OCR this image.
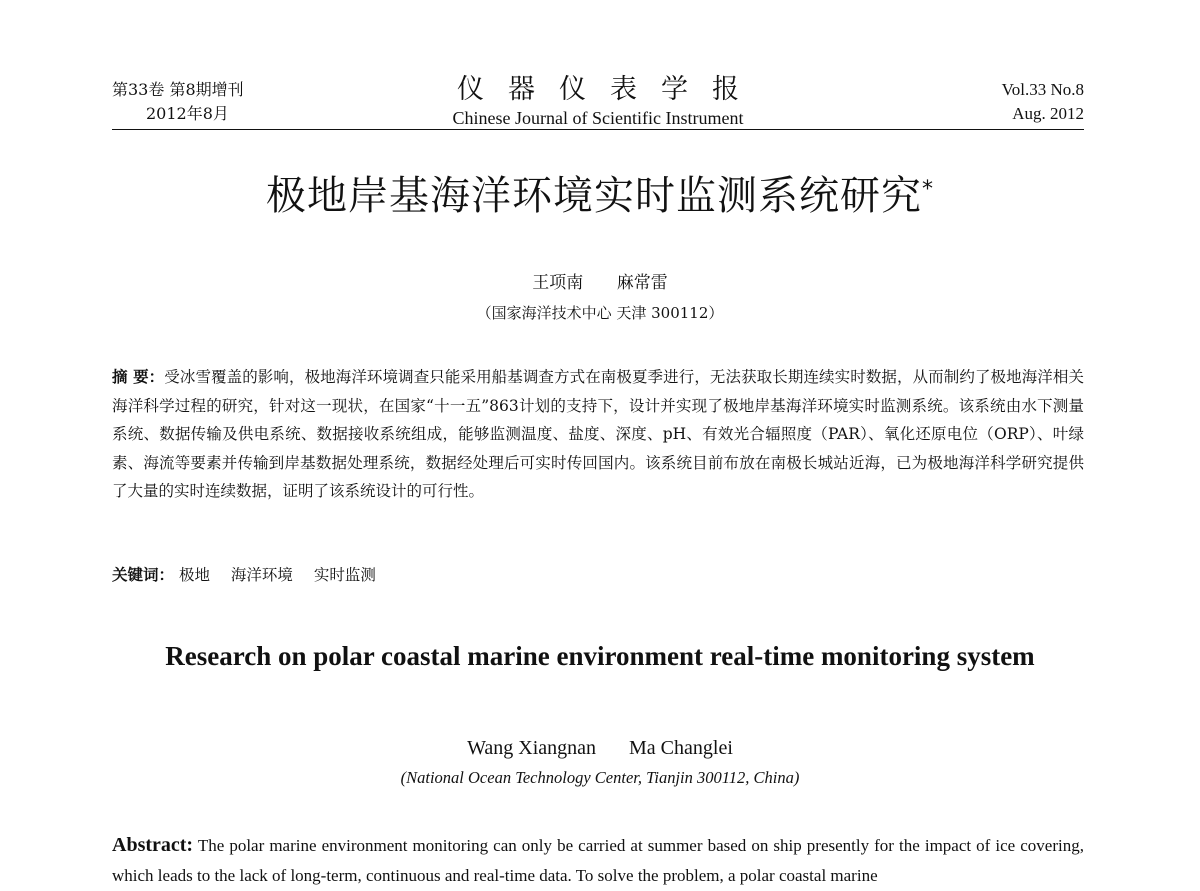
第33卷 第8期增刊
2012年8月
仪器仪表学报
Chinese Journal of Scientific Instrument
Vol.33 No.8
Aug. 2012
极地岸基海洋环境实时监测系统研究*
王项南 麻常雷
（国家海洋技术中心 天津 300112）
摘 要：受冰雪覆盖的影响，极地海洋环境调查只能采用船基调查方式在南极夏季进行，无法获取长期连续实时数据，从而制约了极地海洋相关海洋科学过程的研究，针对这一现状，在国家“十一五”863计划的支持下，设计并实现了极地岸基海洋环境实时监测系统。该系统由水下测量系统、数据传输及供电系统、数据接收系统组成，能够监测温度、盐度、深度、pH、有效光合辐照度（PAR）、氧化还原电位（ORP）、叶绿素、海流等要素并传输到岸基数据处理系统，数据经处理后可实时传回国内。该系统目前布放在南极长城站近海，已为极地海洋科学研究提供了大量的实时连续数据，证明了该系统设计的可行性。
关键词： 极地 海洋环境 实时监测
Research on polar coastal marine environment real-time monitoring system
Wang Xiangnan Ma Changlei
(National Ocean Technology Center, Tianjin 300112, China)
Abstract: The polar marine environment monitoring can only be carried at summer based on ship presently for the impact of ice covering, which leads to the lack of long-term, continuous and real-time data. To solve the problem, a polar coastal marine
